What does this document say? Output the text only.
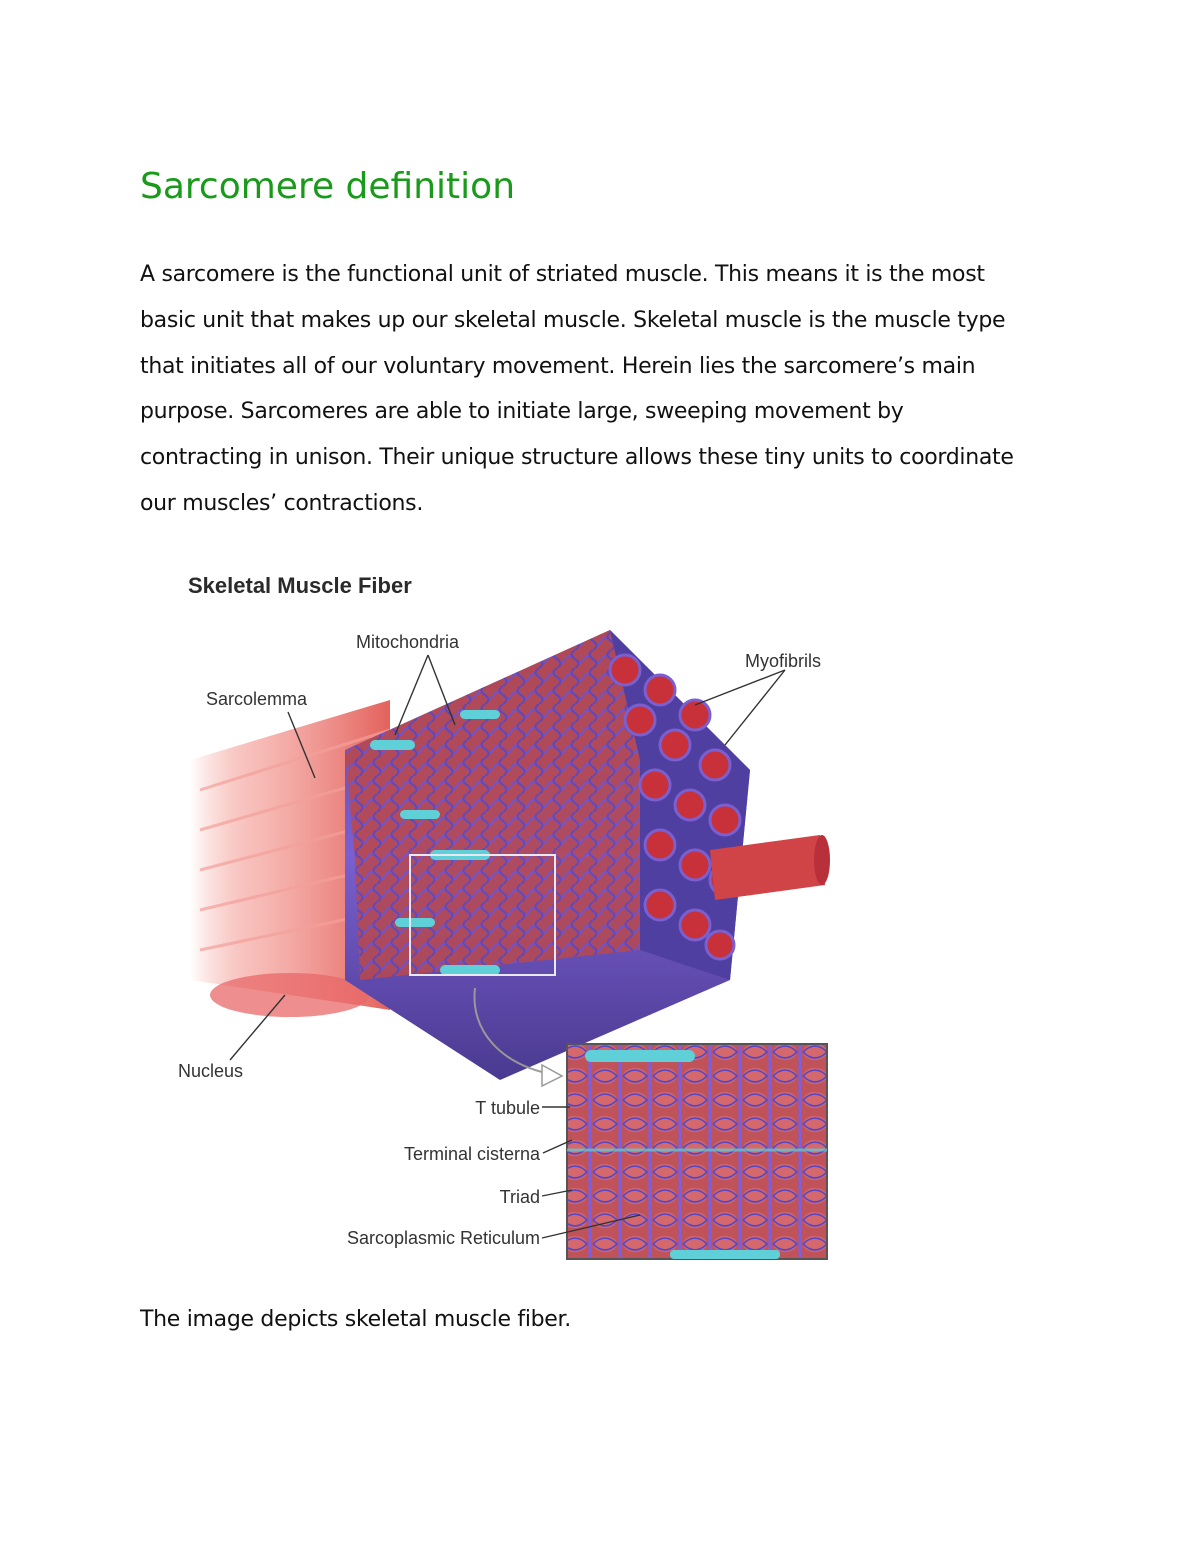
Sarcomere definition
A sarcomere is the functional unit of striated muscle. This means it is the most
basic unit that makes up our skeletal muscle. Skeletal muscle is the muscle type
that initiates all of our voluntary movement. Herein lies the sarcomere’s main
purpose. Sarcomeres are able to initiate large, sweeping movement by
contracting in unison. Their unique structure allows these tiny units to coordinate
our muscles’ contractions.
Skeletal Muscle Fiber
Mitochondria
Myofibrils
Sarcolemma
Nucleus
T tubule
Terminal cisterna
Triad
Sarcoplasmic Reticulum
The image depicts skeletal muscle fiber.
